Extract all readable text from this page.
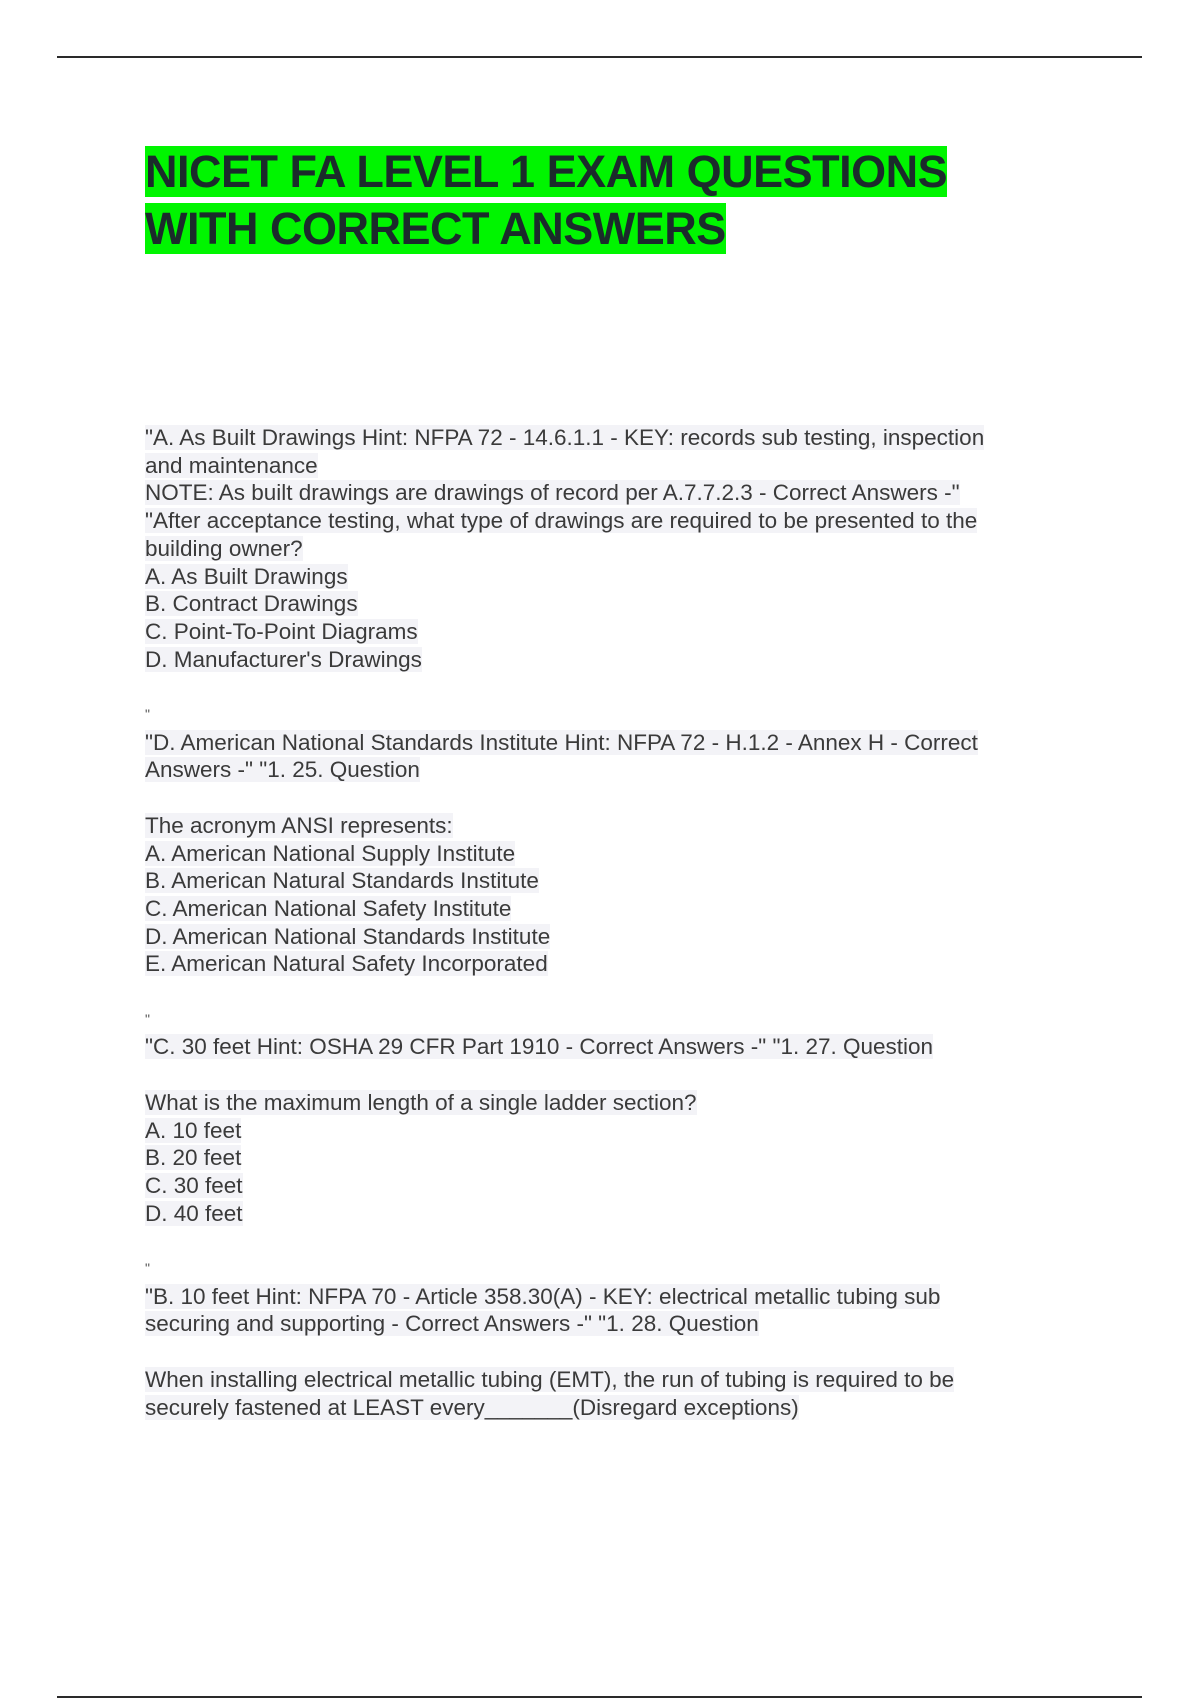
NICET FA LEVEL 1 EXAM QUESTIONS
WITH CORRECT ANSWERS
"A. As Built Drawings Hint: NFPA 72 - 14.6.1.1 - KEY: records sub testing, inspection
and maintenance
NOTE: As built drawings are drawings of record per A.7.7.2.3 - Correct Answers -"
"After acceptance testing, what type of drawings are required to be presented to the
building owner?
A. As Built Drawings
B. Contract Drawings
C. Point-To-Point Diagrams
D. Manufacturer's Drawings
"
"D. American National Standards Institute Hint: NFPA 72 - H.1.2 - Annex H - Correct
Answers -" "1. 25. Question
The acronym ANSI represents:
A. American National Supply Institute
B. American Natural Standards Institute
C. American National Safety Institute
D. American National Standards Institute
E. American Natural Safety Incorporated
"
"C. 30 feet Hint: OSHA 29 CFR Part 1910 - Correct Answers -" "1. 27. Question
What is the maximum length of a single ladder section?
A. 10 feet
B. 20 feet
C. 30 feet
D. 40 feet
"
"B. 10 feet Hint: NFPA 70 - Article 358.30(A) - KEY: electrical metallic tubing sub
securing and supporting - Correct Answers -" "1. 28. Question
When installing electrical metallic tubing (EMT), the run of tubing is required to be
securely fastened at LEAST every_______(Disregard exceptions)
